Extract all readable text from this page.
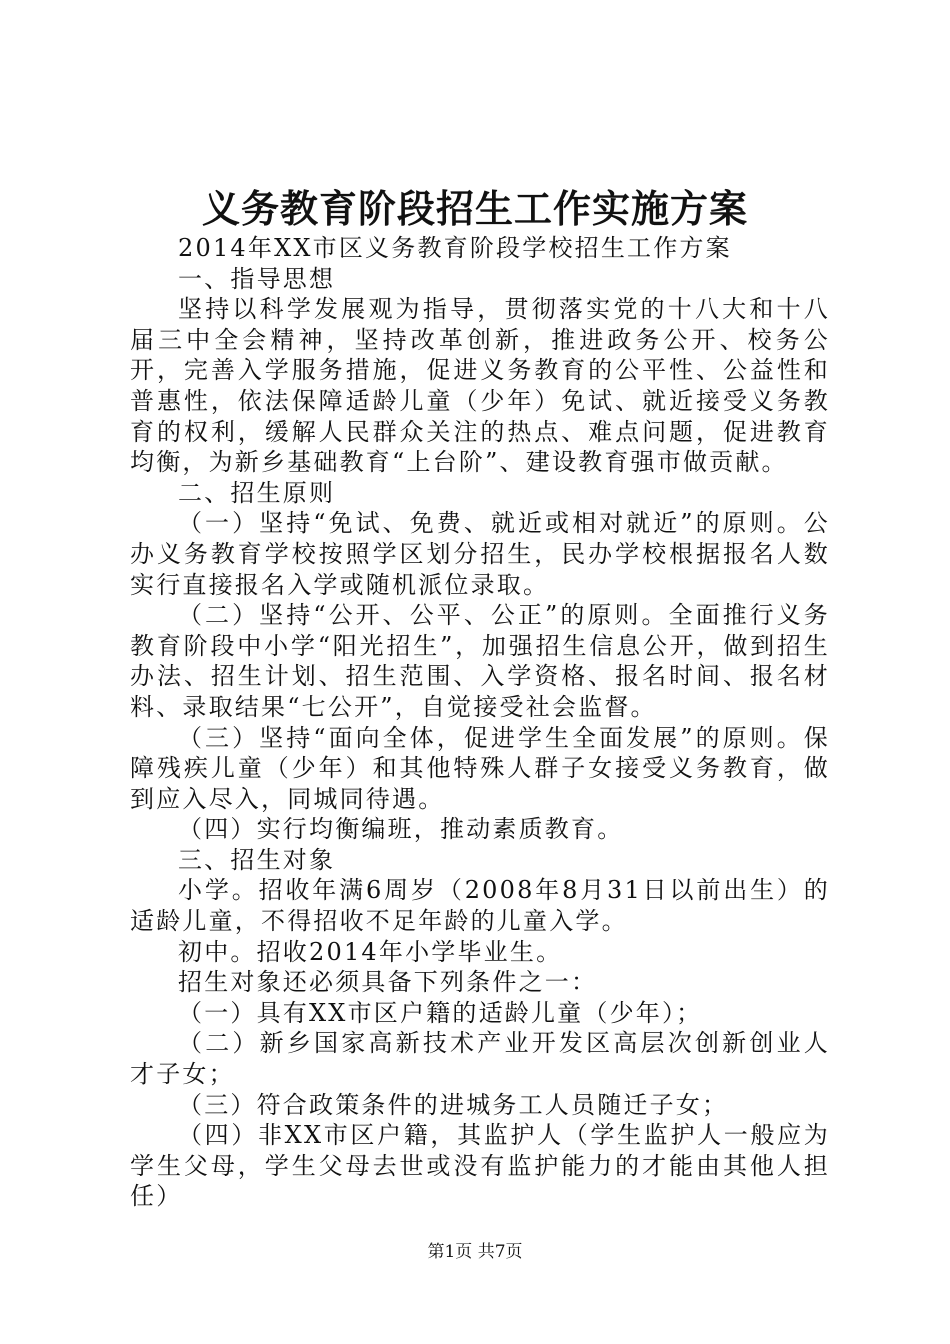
义务教育阶段招生工作实施方案

2014年XX市区义务教育阶段学校招生工作方案

一、指导思想

坚持以科学发展观为指导，贯彻落实党的十八大和十八届三中全会精神，坚持改革创新，推进政务公开、校务公开，完善入学服务措施，促进义务教育的公平性、公益性和普惠性，依法保障适龄儿童（少年）免试、就近接受义务教育的权利，缓解人民群众关注的热点、难点问题，促进教育均衡，为新乡基础教育“上台阶”、建设教育强市做贡献。

二、招生原则

（一）坚持“免试、免费、就近或相对就近”的原则。公办义务教育学校按照学区划分招生，民办学校根据报名人数实行直接报名入学或随机派位录取。

（二）坚持“公开、公平、公正”的原则。全面推行义务教育阶段中小学“阳光招生”，加强招生信息公开，做到招生办法、招生计划、招生范围、入学资格、报名时间、报名材料、录取结果“七公开”，自觉接受社会监督。

（三）坚持“面向全体，促进学生全面发展”的原则。保障残疾儿童（少年）和其他特殊人群子女接受义务教育，做到应入尽入，同城同待遇。

（四）实行均衡编班，推动素质教育。

三、招生对象

小学。招收年满6周岁（2008年8月31日以前出生）的适龄儿童，不得招收不足年龄的儿童入学。

初中。招收2014年小学毕业生。

招生对象还必须具备下列条件之一：

（一）具有XX市区户籍的适龄儿童（少年）；

（二）新乡国家高新技术产业开发区高层次创新创业人才子女；

（三）符合政策条件的进城务工人员随迁子女；

（四）非XX市区户籍，其监护人（学生监护人一般应为学生父母，学生父母去世或没有监护能力的才能由其他人担任）

第1页 共7页
